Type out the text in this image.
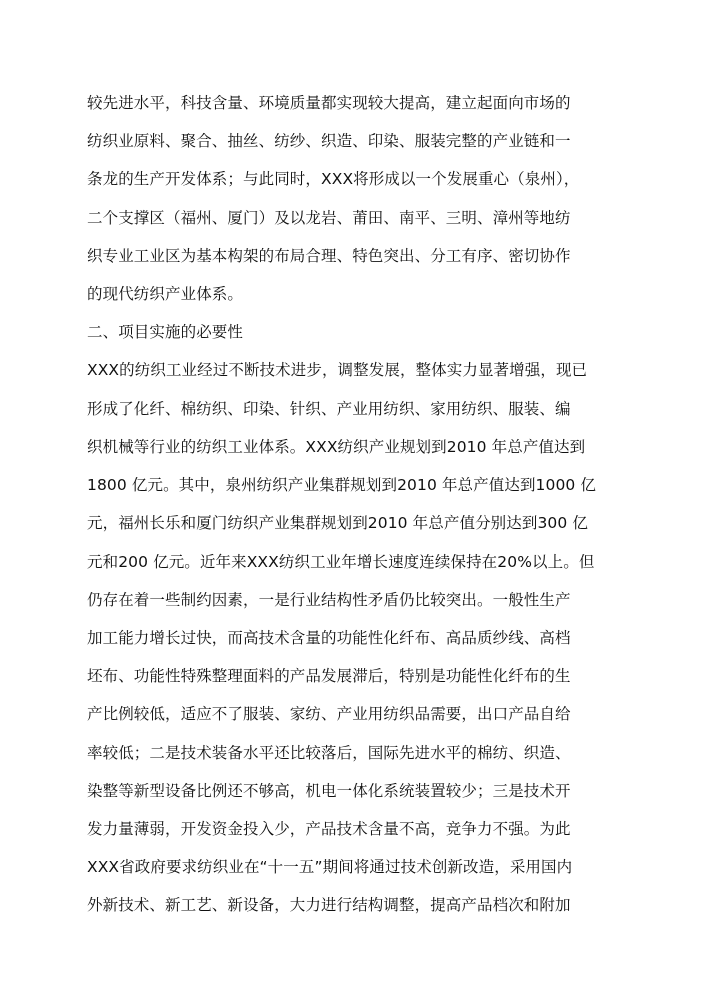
较先进水平，科技含量、环境质量都实现较大提高，建立起面向市场的
纺织业原料、聚合、抽丝、纺纱、织造、印染、服装完整的产业链和一
条龙的生产开发体系；与此同时，XXX将形成以一个发展重心（泉州），
二个支撑区（福州、厦门）及以龙岩、莆田、南平、三明、漳州等地纺
织专业工业区为基本构架的布局合理、特色突出、分工有序、密切协作
的现代纺织产业体系。
二、项目实施的必要性
XXX的纺织工业经过不断技术进步，调整发展，整体实力显著增强，现已
形成了化纤、棉纺织、印染、针织、产业用纺织、家用纺织、服装、编
织机械等行业的纺织工业体系。XXX纺织产业规划到2010 年总产值达到
1800 亿元。其中，泉州纺织产业集群规划到2010 年总产值达到1000 亿
元，福州长乐和厦门纺织产业集群规划到2010 年总产值分别达到300 亿
元和200 亿元。近年来XXX纺织工业年增长速度连续保持在20%以上。但
仍存在着一些制约因素，一是行业结构性矛盾仍比较突出。一般性生产
加工能力增长过快，而高技术含量的功能性化纤布、高品质纱线、高档
坯布、功能性特殊整理面料的产品发展滞后，特别是功能性化纤布的生
产比例较低，适应不了服装、家纺、产业用纺织品需要，出口产品自给
率较低；二是技术装备水平还比较落后，国际先进水平的棉纺、织造、
染整等新型设备比例还不够高，机电一体化系统装置较少；三是技术开
发力量薄弱，开发资金投入少，产品技术含量不高，竞争力不强。为此
XXX省政府要求纺织业在“十一五”期间将通过技术创新改造，采用国内
外新技术、新工艺、新设备，大力进行结构调整，提高产品档次和附加
